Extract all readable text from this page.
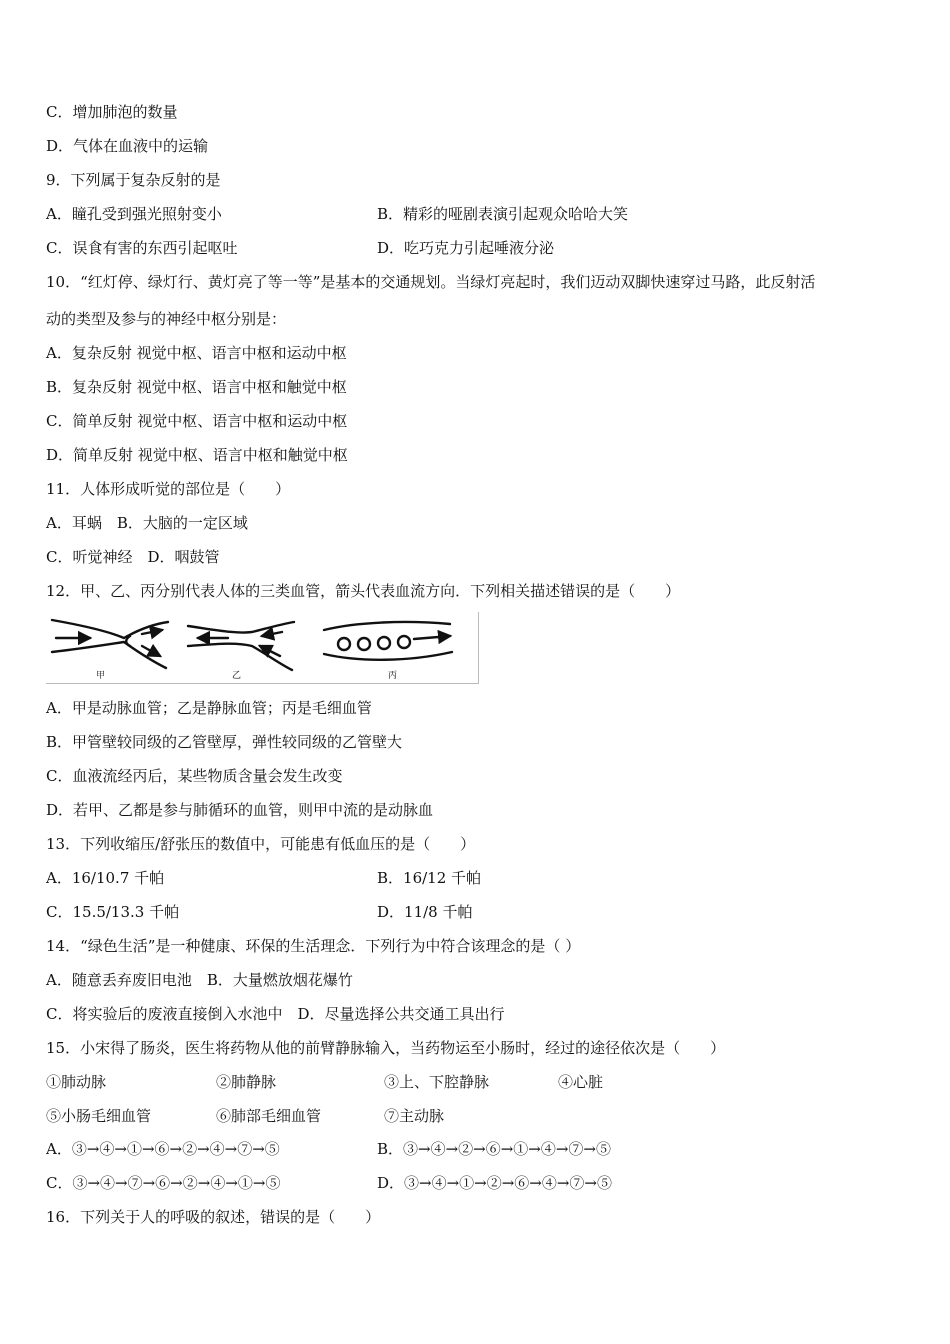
C．增加肺泡的数量
D．气体在血液中的运输
9．下列属于复杂反射的是
A．瞳孔受到强光照射变小	B．精彩的哑剧表演引起观众哈哈大笑
C．误食有害的东西引起呕吐	D．吃巧克力引起唾液分泌
10．“红灯停、绿灯行、黄灯亮了等一等”是基本的交通规划。当绿灯亮起时，我们迈动双脚快速穿过马路，此反射活
动的类型及参与的神经中枢分别是：
A．复杂反射 视觉中枢、语言中枢和运动中枢
B．复杂反射 视觉中枢、语言中枢和触觉中枢
C．简单反射 视觉中枢、语言中枢和运动中枢
D．简单反射 视觉中枢、语言中枢和触觉中枢
11．人体形成听觉的部位是（　　）
A．耳蜗　B．大脑的一定区域
C．听觉神经　D．咽鼓管
12．甲、乙、丙分别代表人体的三类血管，箭头代表血流方向．下列相关描述错误的是（　　）
甲	乙	丙
A．甲是动脉血管；乙是静脉血管；丙是毛细血管
B．甲管壁较同级的乙管壁厚，弹性较同级的乙管壁大
C．血液流经丙后，某些物质含量会发生改变
D．若甲、乙都是参与肺循环的血管，则甲中流的是动脉血
13．下列收缩压/舒张压的数值中，可能患有低血压的是（　　）
A．16/10.7 千帕	B．16/12 千帕
C．15.5/13.3 千帕	D．11/8 千帕
14．“绿色生活”是一种健康、环保的生活理念．下列行为中符合该理念的是（ ）
A．随意丢弃废旧电池　B．大量燃放烟花爆竹
C．将实验后的废液直接倒入水池中　D．尽量选择公共交通工具出行
15．小宋得了肠炎，医生将药物从他的前臂静脉输入，当药物运至小肠时，经过的途径依次是（　　）
①肺动脉	②肺静脉	③上、下腔静脉	④心脏
⑤小肠毛细血管	⑥肺部毛细血管	⑦主动脉
A．③→④→①→⑥→②→④→⑦→⑤	B．③→④→②→⑥→①→④→⑦→⑤
C．③→④→⑦→⑥→②→④→①→⑤	D．③→④→①→②→⑥→④→⑦→⑤
16．下列关于人的呼吸的叙述，错误的是（　　）
